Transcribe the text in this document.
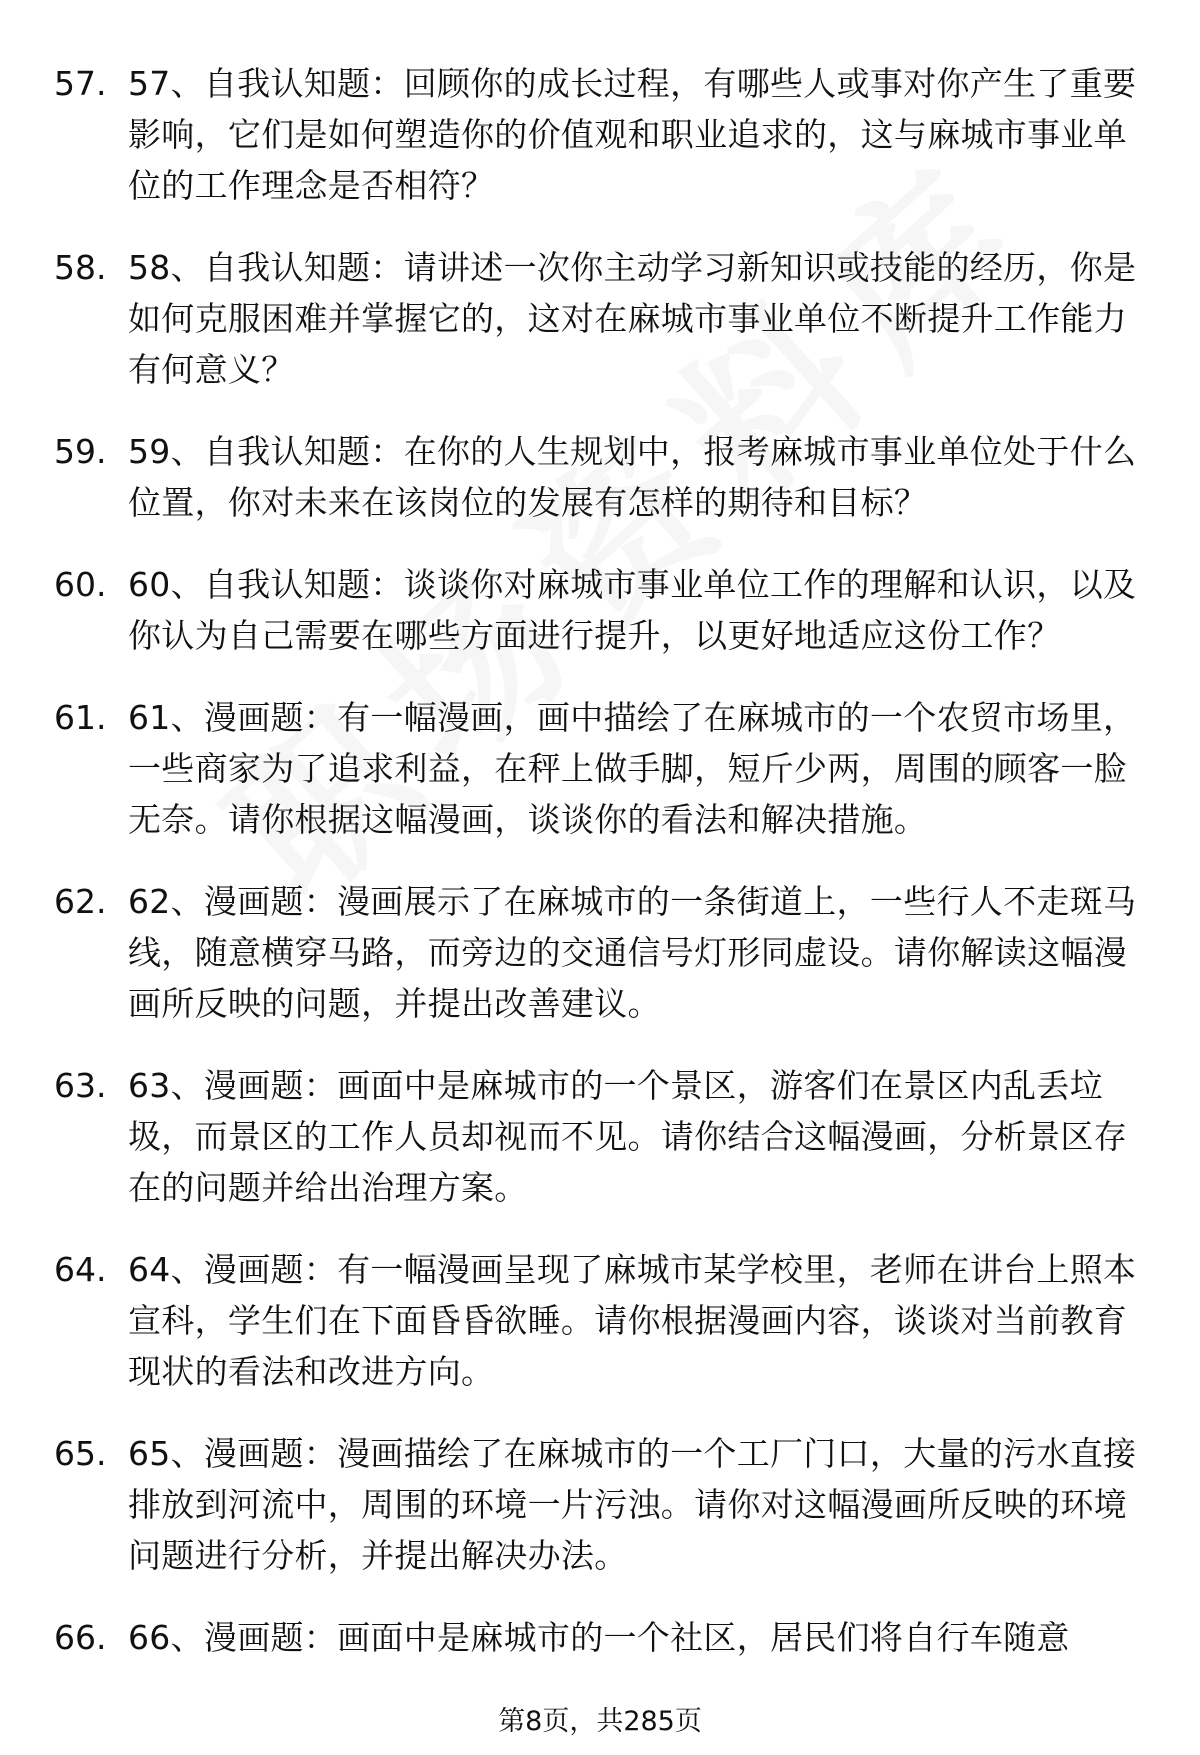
57. 57、自我认知题：回顾你的成长过程，有哪些人或事对你产生了重要影响，它们是如何塑造你的价值观和职业追求的，这与麻城市事业单位的工作理念是否相符？
58. 58、自我认知题：请讲述一次你主动学习新知识或技能的经历，你是如何克服困难并掌握它的，这对在麻城市事业单位不断提升工作能力有何意义？
59. 59、自我认知题：在你的人生规划中，报考麻城市事业单位处于什么位置，你对未来在该岗位的发展有怎样的期待和目标？
60. 60、自我认知题：谈谈你对麻城市事业单位工作的理解和认识，以及你认为自己需要在哪些方面进行提升，以更好地适应这份工作？
61. 61、漫画题：有一幅漫画，画中描绘了在麻城市的一个农贸市场里，一些商家为了追求利益，在秤上做手脚，短斤少两，周围的顾客一脸无奈。请你根据这幅漫画，谈谈你的看法和解决措施。
62. 62、漫画题：漫画展示了在麻城市的一条街道上，一些行人不走斑马线，随意横穿马路，而旁边的交通信号灯形同虚设。请你解读这幅漫画所反映的问题，并提出改善建议。
63. 63、漫画题：画面中是麻城市的一个景区，游客们在景区内乱丢垃圾，而景区的工作人员却视而不见。请你结合这幅漫画，分析景区存在的问题并给出治理方案。
64. 64、漫画题：有一幅漫画呈现了麻城市某学校里，老师在讲台上照本宣科，学生们在下面昏昏欲睡。请你根据漫画内容，谈谈对当前教育现状的看法和改进方向。
65. 65、漫画题：漫画描绘了在麻城市的一个工厂门口，大量的污水直接排放到河流中，周围的环境一片污浊。请你对这幅漫画所反映的环境问题进行分析，并提出解决办法。
66. 66、漫画题：画面中是麻城市的一个社区，居民们将自行车随意
第8页，共285页
